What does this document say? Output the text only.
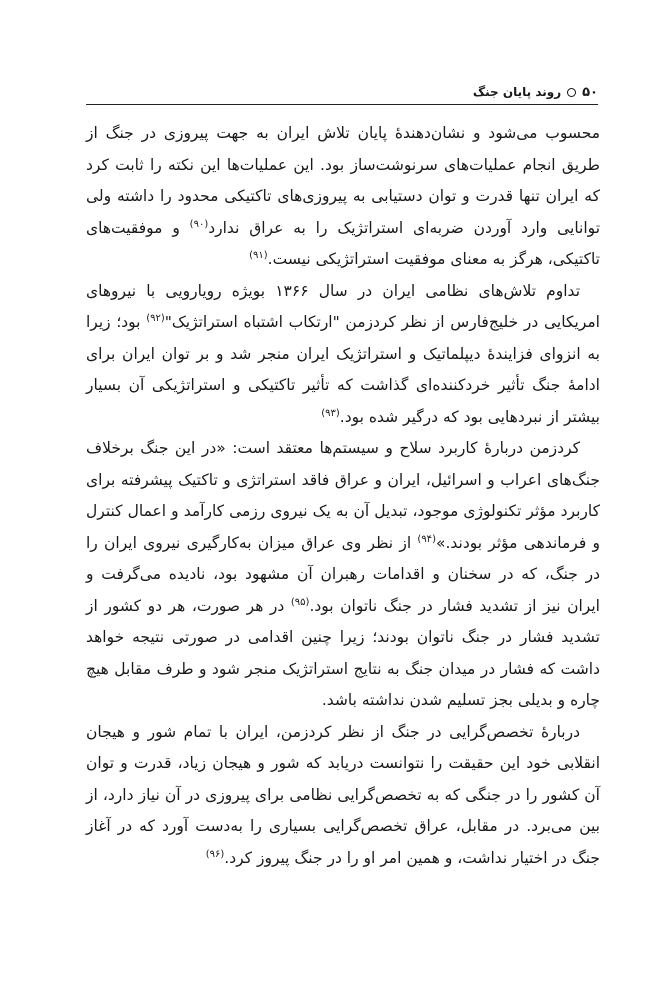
۵۰
روند پایان جنگ

محسوب می‌شود و نشان‌دهندهٔ پایان تلاش ایران به جهت پیروزی در جنگ از طریق انجام عملیات‌های سرنوشت‌ساز بود. این عملیات‌ها این نکته را ثابت کرد که ایران تنها قدرت و توان دستیابی به پیروزی‌های تاکتیکی محدود را داشته ولی توانایی وارد آوردن ضربه‌ای استراتژیک را به عراق ندارد$^{(۹۰)}$ و موفقیت‌های تاکتیکی، هرگز به معنای موفقیت استراتژیکی نیست.$^{(۹۱)}$

تداوم تلاش‌های نظامی ایران در سال ۱۳۶۶ بویژه رویارویی با نیروهای امریکایی در خلیج‌فارس از نظر کردزمن "ارتکاب اشتباه استراتژیک"$^{(۹۲)}$ بود؛ زیرا به انزوای فزایندهٔ دیپلماتیک و استراتژیک ایران منجر شد و بر توان ایران برای ادامهٔ جنگ تأثیر خردکننده‌ای گذاشت که تأثیر تاکتیکی و استراتژیکی آن بسیار بیشتر از نبردهایی بود که درگیر شده بود.$^{(۹۳)}$

کردزمن دربارهٔ کاربرد سلاح و سیستم‌ها معتقد است: «در این جنگ برخلاف جنگ‌های اعراب و اسرائیل، ایران و عراق فاقد استراتژی و تاکتیک پیشرفته برای کاربرد مؤثر تکنولوژی موجود، تبدیل آن به یک نیروی رزمی کارآمد و اعمال کنترل و فرماندهی مؤثر بودند.»$^{(۹۴)}$ از نظر وی عراق میزان به‌کارگیری نیروی ایران را در جنگ، که در سخنان و اقدامات رهبران آن مشهود بود، نادیده می‌گرفت و ایران نیز از تشدید فشار در جنگ ناتوان بود.$^{(۹۵)}$ در هر صورت، هر دو کشور از تشدید فشار در جنگ ناتوان بودند؛ زیرا چنین اقدامی در صورتی نتیجه خواهد داشت که فشار در میدان جنگ به نتایج استراتژیک منجر شود و طرف مقابل هیچ چاره و بدیلی بجز تسلیم شدن نداشته باشد.

دربارهٔ تخصص‌گرایی در جنگ از نظر کردزمن، ایران با تمام شور و هیجان انقلابی خود این حقیقت را نتوانست دریابد که شور و هیجان زیاد، قدرت و توان آن کشور را در جنگی که به تخصص‌گرایی نظامی برای پیروزی در آن نیاز دارد، از بین می‌برد. در مقابل، عراق تخصص‌گرایی بسیاری را به‌دست آورد که در آغاز جنگ در اختیار نداشت، و همین امر او را در جنگ پیروز کرد.$^{(۹۶)}$
